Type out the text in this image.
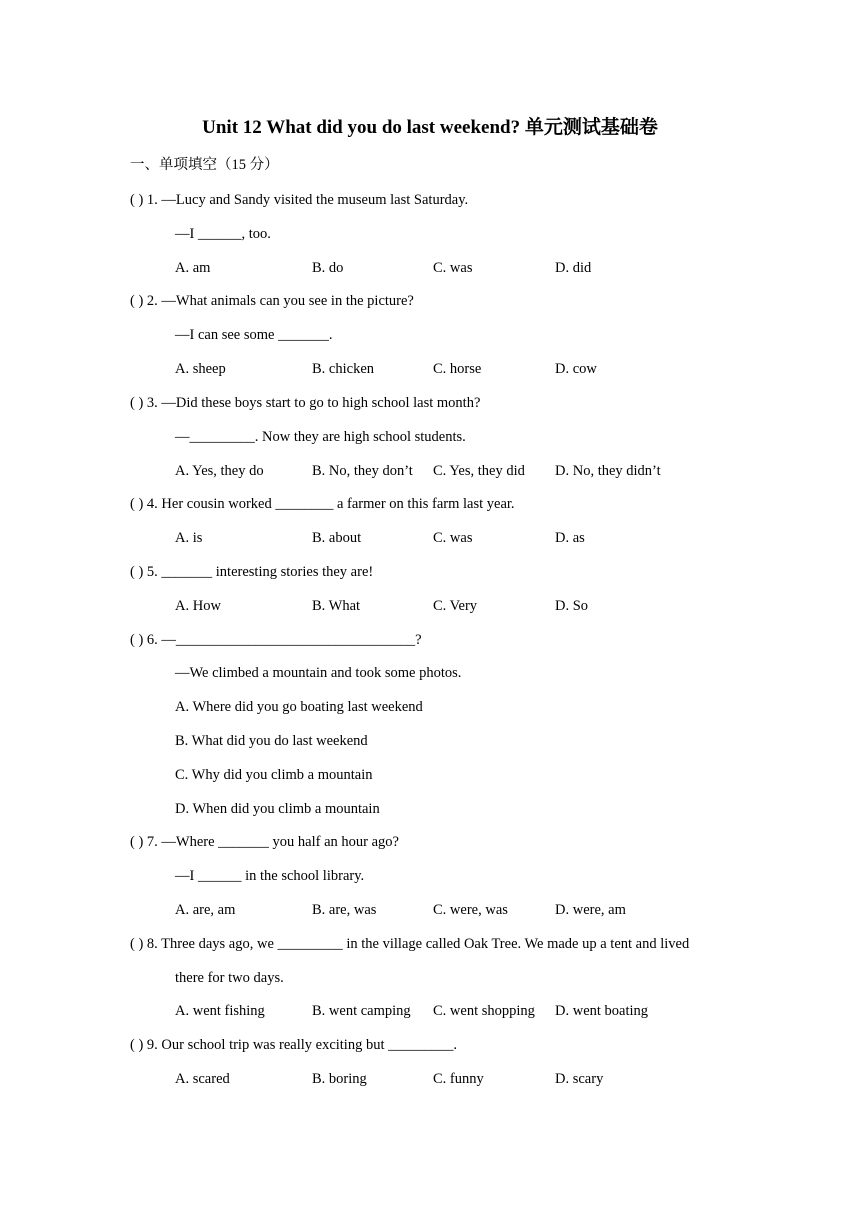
Unit 12 What did you do last weekend? 单元测试基础卷
一、单项填空（15 分）
( ) 1. —Lucy and Sandy visited the museum last Saturday.
—I ______, too.
A. am	B. do	C. was	D. did
( ) 2. —What animals can you see in the picture?
—I can see some _______.
A. sheep	B. chicken	C. horse	D. cow
( ) 3. —Did these boys start to go to high school last month?
—_________. Now they are high school students.
A. Yes, they do	B. No, they don’t C. Yes, they did D. No, they didn’t
( ) 4. Her cousin worked ________ a farmer on this farm last year.
A. is	B. about	C. was	D. as
( ) 5. _______ interesting stories they are!
A. How	B. What	C. Very	D. So
( ) 6. —_________________________________?
—We climbed a mountain and took some photos.
A. Where did you go boating last weekend
B. What did you do last weekend
C. Why did you climb a mountain
D. When did you climb a mountain
( ) 7. —Where _______ you half an hour ago?
—I ______ in the school library.
A. are, am	B. are, was	C. were, was	D. were, am
( ) 8. Three days ago, we _________ in the village called Oak Tree. We made up a tent and lived
there for two days.
A. went fishing	B. went camping C. went shopping D. went boating
( ) 9. Our school trip was really exciting but _________.
A. scared	B. boring	C. funny	D. scary
